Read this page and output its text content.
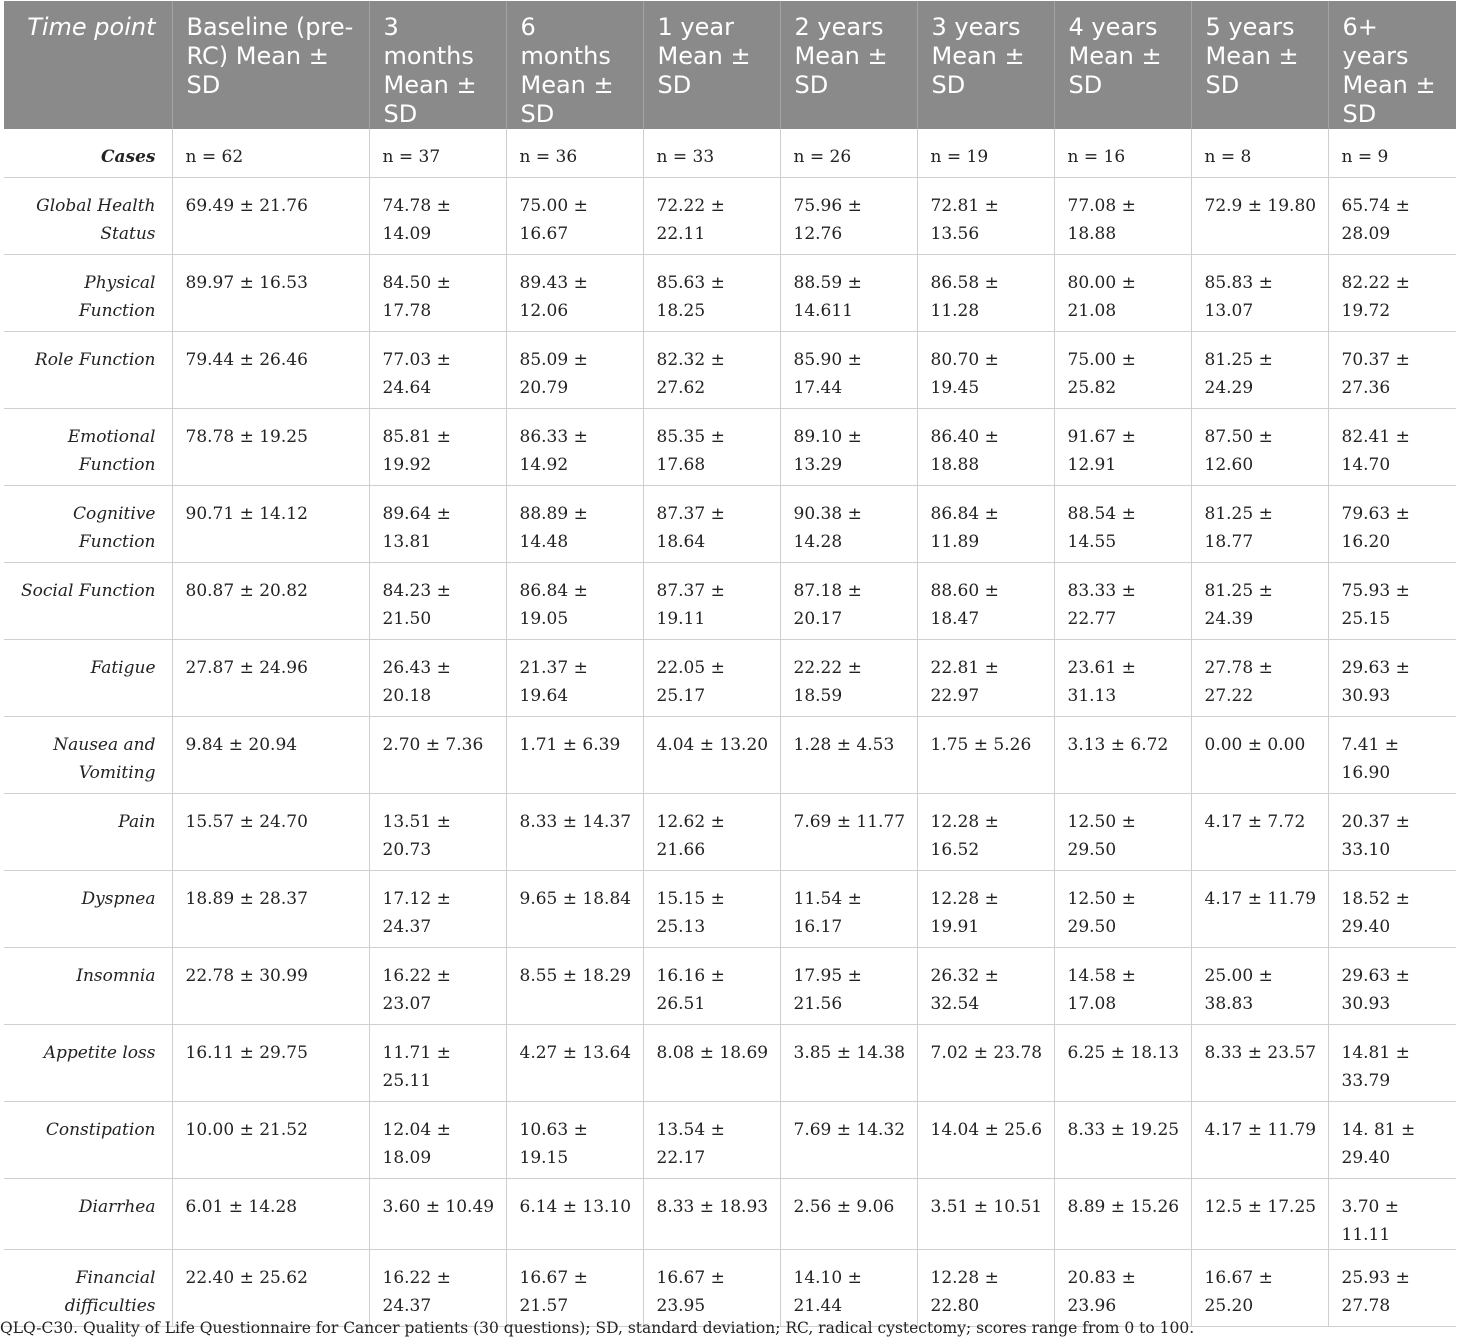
Time point	Baseline (pre-RC) Mean ± SD	3 months Mean ± SD	6 months Mean ± SD	1 year Mean ± SD	2 years Mean ± SD	3 years Mean ± SD	4 years Mean ± SD	5 years Mean ± SD	6+ years Mean ± SD
Cases	n = 62	n = 37	n = 36	n = 33	n = 26	n = 19	n = 16	n = 8	n = 9
Global Health Status	69.49 ± 21.76	74.78 ± 14.09	75.00 ± 16.67	72.22 ± 22.11	75.96 ± 12.76	72.81 ± 13.56	77.08 ± 18.88	72.9 ± 19.80	65.74 ± 28.09
Physical Function	89.97 ± 16.53	84.50 ± 17.78	89.43 ± 12.06	85.63 ± 18.25	88.59 ± 14.611	86.58 ± 11.28	80.00 ± 21.08	85.83 ± 13.07	82.22 ± 19.72
Role Function	79.44 ± 26.46	77.03 ± 24.64	85.09 ± 20.79	82.32 ± 27.62	85.90 ± 17.44	80.70 ± 19.45	75.00 ± 25.82	81.25 ± 24.29	70.37 ± 27.36
Emotional Function	78.78 ± 19.25	85.81 ± 19.92	86.33 ± 14.92	85.35 ± 17.68	89.10 ± 13.29	86.40 ± 18.88	91.67 ± 12.91	87.50 ± 12.60	82.41 ± 14.70
Cognitive Function	90.71 ± 14.12	89.64 ± 13.81	88.89 ± 14.48	87.37 ± 18.64	90.38 ± 14.28	86.84 ± 11.89	88.54 ± 14.55	81.25 ± 18.77	79.63 ± 16.20
Social Function	80.87 ± 20.82	84.23 ± 21.50	86.84 ± 19.05	87.37 ± 19.11	87.18 ± 20.17	88.60 ± 18.47	83.33 ± 22.77	81.25 ± 24.39	75.93 ± 25.15
Fatigue	27.87 ± 24.96	26.43 ± 20.18	21.37 ± 19.64	22.05 ± 25.17	22.22 ± 18.59	22.81 ± 22.97	23.61 ± 31.13	27.78 ± 27.22	29.63 ± 30.93
Nausea and Vomiting	9.84 ± 20.94	2.70 ± 7.36	1.71 ± 6.39	4.04 ± 13.20	1.28 ± 4.53	1.75 ± 5.26	3.13 ± 6.72	0.00 ± 0.00	7.41 ± 16.90
Pain	15.57 ± 24.70	13.51 ± 20.73	8.33 ± 14.37	12.62 ± 21.66	7.69 ± 11.77	12.28 ± 16.52	12.50 ± 29.50	4.17 ± 7.72	20.37 ± 33.10
Dyspnea	18.89 ± 28.37	17.12 ± 24.37	9.65 ± 18.84	15.15 ± 25.13	11.54 ± 16.17	12.28 ± 19.91	12.50 ± 29.50	4.17 ± 11.79	18.52 ± 29.40
Insomnia	22.78 ± 30.99	16.22 ± 23.07	8.55 ± 18.29	16.16 ± 26.51	17.95 ± 21.56	26.32 ± 32.54	14.58 ± 17.08	25.00 ± 38.83	29.63 ± 30.93
Appetite loss	16.11 ± 29.75	11.71 ± 25.11	4.27 ± 13.64	8.08 ± 18.69	3.85 ± 14.38	7.02 ± 23.78	6.25 ± 18.13	8.33 ± 23.57	14.81 ± 33.79
Constipation	10.00 ± 21.52	12.04 ± 18.09	10.63 ± 19.15	13.54 ± 22.17	7.69 ± 14.32	14.04 ± 25.6	8.33 ± 19.25	4.17 ± 11.79	14. 81 ± 29.40
Diarrhea	6.01 ± 14.28	3.60 ± 10.49	6.14 ± 13.10	8.33 ± 18.93	2.56 ± 9.06	3.51 ± 10.51	8.89 ± 15.26	12.5 ± 17.25	3.70 ± 11.11
Financial difficulties	22.40 ± 25.62	16.22 ± 24.37	16.67 ± 21.57	16.67 ± 23.95	14.10 ± 21.44	12.28 ± 22.80	20.83 ± 23.96	16.67 ± 25.20	25.93 ± 27.78
QLQ-C30. Quality of Life Questionnaire for Cancer patients (30 questions); SD, standard deviation; RC, radical cystectomy; scores range from 0 to 100.
